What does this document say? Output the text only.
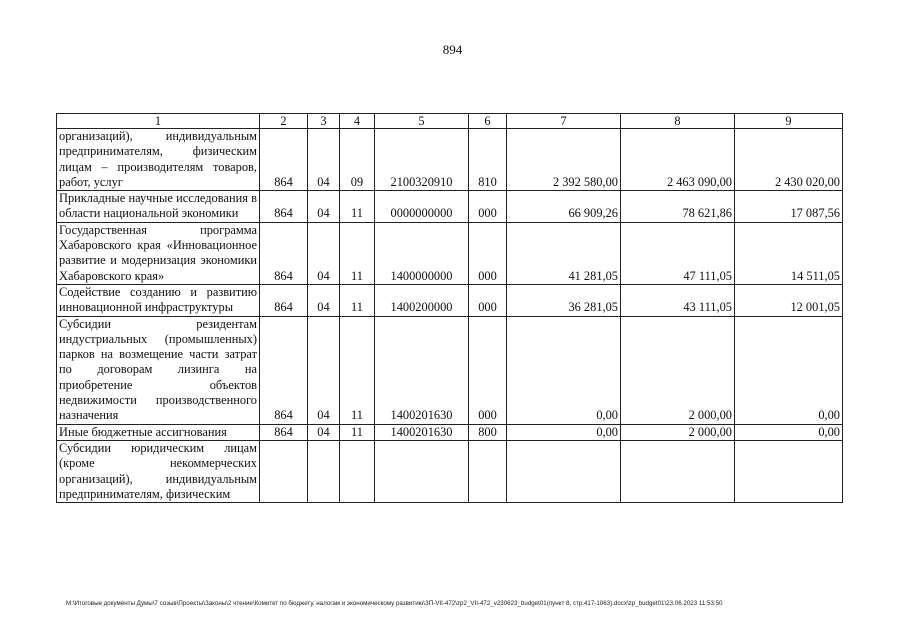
894
1	2	3	4	5	6	7	8	9
организаций), индивидуальным предпринимателям, физическим лицам – производителям товаров, работ, услуг	864	04	09	2100320910	810	2 392 580,00	2 463 090,00	2 430 020,00
Прикладные научные исследования в области национальной экономики	864	04	11	0000000000	000	66 909,26	78 621,86	17 087,56
Государственная программа Хабаровского края «Инновационное развитие и модернизация экономики Хабаровского края»	864	04	11	1400000000	000	41 281,05	47 111,05	14 511,05
Содействие созданию и развитию инновационной инфраструктуры	864	04	11	1400200000	000	36 281,05	43 111,05	12 001,05
Субсидии резидентам индустриальных (промышленных) парков на возмещение части затрат по договорам лизинга на приобретение объектов недвижимости производственного назначения	864	04	11	1400201630	000	0,00	2 000,00	0,00
Иные бюджетные ассигнования	864	04	11	1400201630	800	0,00	2 000,00	0,00
Субсидии юридическим лицам (кроме некоммерческих организаций), индивидуальным предпринимателям, физическим								
M:\Итоговые документы Думы\7 созыв\Проекты\Законы\2 чтение\Комитет по бюджету, налогам и экономическому развитию\ЗП-VII-472\zp2_VII-472_v230623_budget01(пункт 8, стр.417-1063).docx\zp_budget01\23.06.2023 11:53:50
